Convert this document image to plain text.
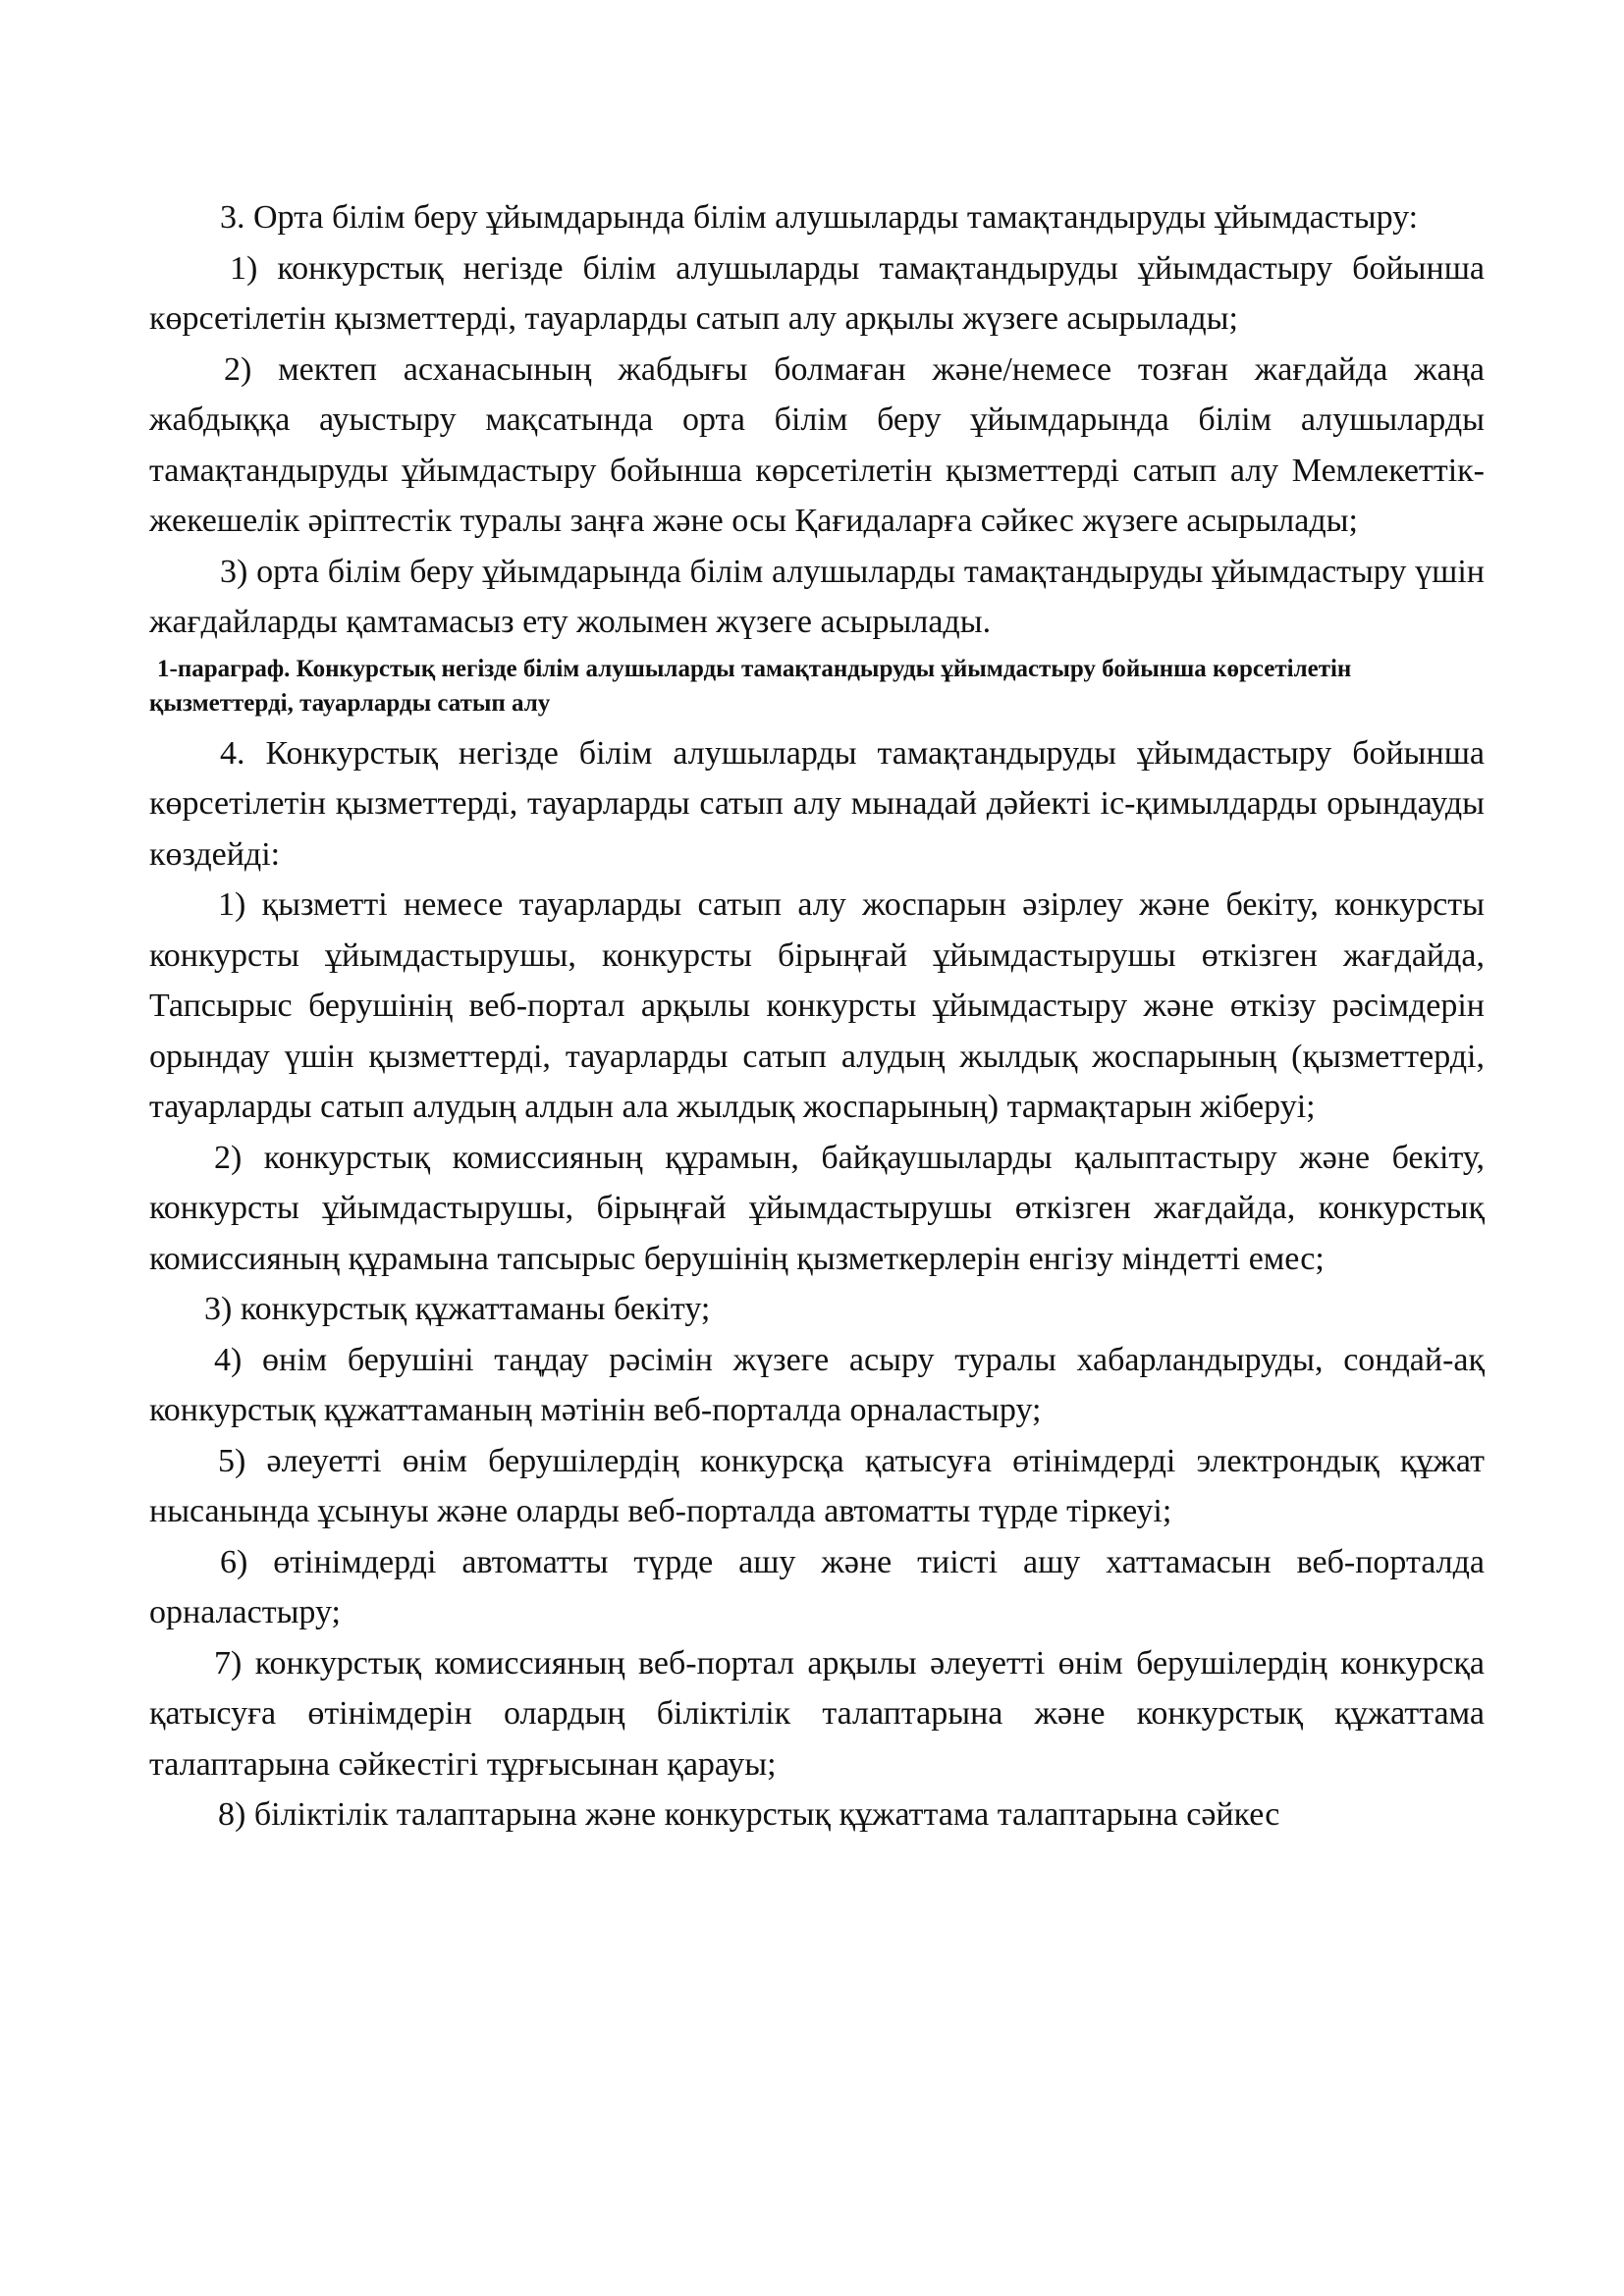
3. Орта білім беру ұйымдарында білім алушыларды тамақтандыруды ұйымдастыру:

1) конкурстық негізде білім алушыларды тамақтандыруды ұйымдастыру бойынша көрсетілетін қызметтерді, тауарларды сатып алу арқылы жүзеге асырылады;

2) мектеп асханасының жабдығы болмаған және/немесе тозған жағдайда жаңа жабдыққа ауыстыру мақсатында орта білім беру ұйымдарында білім алушыларды тамақтандыруды ұйымдастыру бойынша көрсетілетін қызметтерді сатып алу Мемлекеттік-жекешелік әріптестік туралы заңға және осы Қағидаларға сәйкес жүзеге асырылады;

3) орта білім беру ұйымдарында білім алушыларды тамақтандыруды ұйымдастыру үшін жағдайларды қамтамасыз ету жолымен жүзеге асырылады.

1-параграф. Конкурстық негізде білім алушыларды тамақтандыруды ұйымдастыру бойынша көрсетілетін қызметтерді, тауарларды сатып алу

4. Конкурстық негізде білім алушыларды тамақтандыруды ұйымдастыру бойынша көрсетілетін қызметтерді, тауарларды сатып алу мынадай дәйекті іс-қимылдарды орындауды көздейді:

1) қызметті немесе тауарларды сатып алу жоспарын әзірлеу және бекіту, конкурсты конкурсты ұйымдастырушы, конкурсты бірыңғай ұйымдастырушы өткізген жағдайда, Тапсырыс берушінің веб-портал арқылы конкурсты ұйымдастыру және өткізу рәсімдерін орындау үшін қызметтерді, тауарларды сатып алудың жылдық жоспарының (қызметтерді, тауарларды сатып алудың алдын ала жылдық жоспарының) тармақтарын жіберуі;

2) конкурстық комиссияның құрамын, байқаушыларды қалыптастыру және бекіту, конкурсты ұйымдастырушы, бірыңғай ұйымдастырушы өткізген жағдайда, конкурстық комиссияның құрамына тапсырыс берушінің қызметкерлерін енгізу міндетті емес;

3) конкурстық құжаттаманы бекіту;

4) өнім берушіні таңдау рәсімін жүзеге асыру туралы хабарландыруды, сондай-ақ конкурстық құжаттаманың мәтінін веб-порталда орналастыру;

5) әлеуетті өнім берушілердің конкурсқа қатысуға өтінімдерді электрондық құжат нысанында ұсынуы және оларды веб-порталда автоматты түрде тіркеуі;

6) өтінімдерді автоматты түрде ашу және тиісті ашу хаттамасын веб-порталда орналастыру;

7) конкурстық комиссияның веб-портал арқылы әлеуетті өнім берушілердің конкурсқа қатысуға өтінімдерін олардың біліктілік талаптарына және конкурстық құжаттама талаптарына сәйкестігі тұрғысынан қарауы;

8) біліктілік талаптарына және конкурстық құжаттама талаптарына сәйкес
